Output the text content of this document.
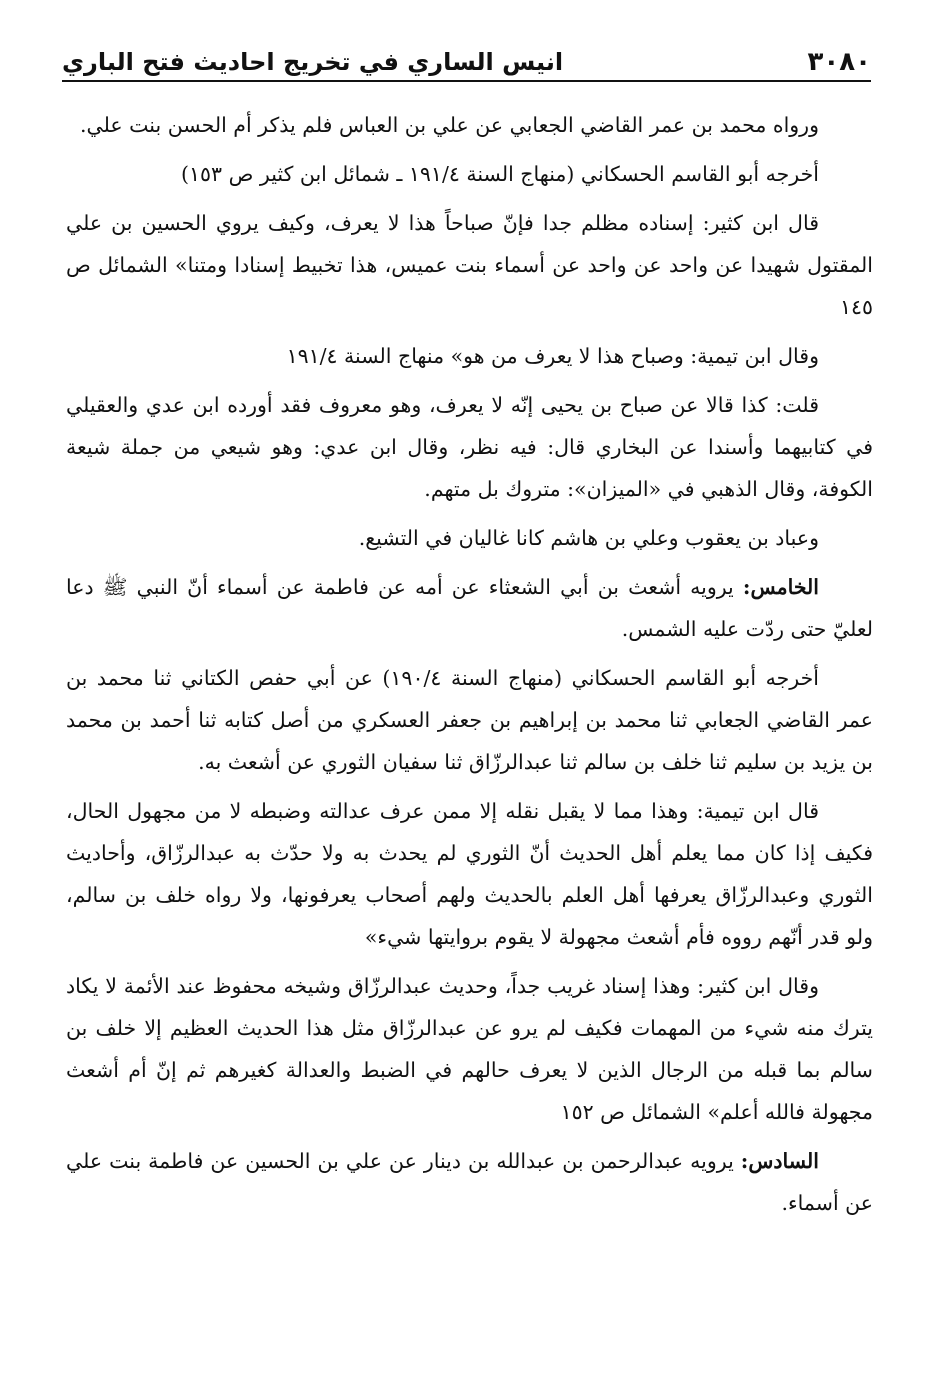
٣٠٨٠
انيس الساري في تخريج احاديث فتح الباري

ورواه محمد بن عمر القاضي الجعابي عن علي بن العباس فلم يذكر أم الحسن بنت علي.

أخرجه أبو القاسم الحسكاني (منهاج السنة ١٩١/٤ ـ شمائل ابن كثير ص ١٥٣)

قال ابن كثير: إسناده مظلم جدا فإنّ صباحاً هذا لا يعرف، وكيف يروي الحسين بن علي المقتول شهيدا عن واحد عن واحد عن أسماء بنت عميس، هذا تخبيط إسنادا ومتنا» الشمائل ص ١٤٥

وقال ابن تيمية: وصباح هذا لا يعرف من هو» منهاج السنة ١٩١/٤

قلت: كذا قالا عن صباح بن يحيى إنّه لا يعرف، وهو معروف فقد أورده ابن عدي والعقيلي في كتابيهما وأسندا عن البخاري قال: فيه نظر، وقال ابن عدي: وهو شيعي من جملة شيعة الكوفة، وقال الذهبي في «الميزان»: متروك بل متهم.

وعباد بن يعقوب وعلي بن هاشم كانا غاليان في التشيع.

الخامس: يرويه أشعث بن أبي الشعثاء عن أمه عن فاطمة عن أسماء أنّ النبي ﷺ دعا لعليّ حتى ردّت عليه الشمس.

أخرجه أبو القاسم الحسكاني (منهاج السنة ١٩٠/٤) عن أبي حفص الكتاني ثنا محمد بن عمر القاضي الجعابي ثنا محمد بن إبراهيم بن جعفر العسكري من أصل كتابه ثنا أحمد بن محمد بن يزيد بن سليم ثنا خلف بن سالم ثنا عبدالرزّاق ثنا سفيان الثوري عن أشعث به.

قال ابن تيمية: وهذا مما لا يقبل نقله إلا ممن عرف عدالته وضبطه لا من مجهول الحال، فكيف إذا كان مما يعلم أهل الحديث أنّ الثوري لم يحدث به ولا حدّث به عبدالرزّاق، وأحاديث الثوري وعبدالرزّاق يعرفها أهل العلم بالحديث ولهم أصحاب يعرفونها، ولا رواه خلف بن سالم، ولو قدر أنّهم رووه فأم أشعث مجهولة لا يقوم بروايتها شيء»

وقال ابن كثير: وهذا إسناد غريب جداً، وحديث عبدالرزّاق وشيخه محفوظ عند الأئمة لا يكاد يترك منه شيء من المهمات فكيف لم يرو عن عبدالرزّاق مثل هذا الحديث العظيم إلا خلف بن سالم بما قبله من الرجال الذين لا يعرف حالهم في الضبط والعدالة كغيرهم ثم إنّ أم أشعث مجهولة فالله أعلم» الشمائل ص ١٥٢

السادس: يرويه عبدالرحمن بن عبدالله بن دينار عن علي بن الحسين عن فاطمة بنت علي عن أسماء.
